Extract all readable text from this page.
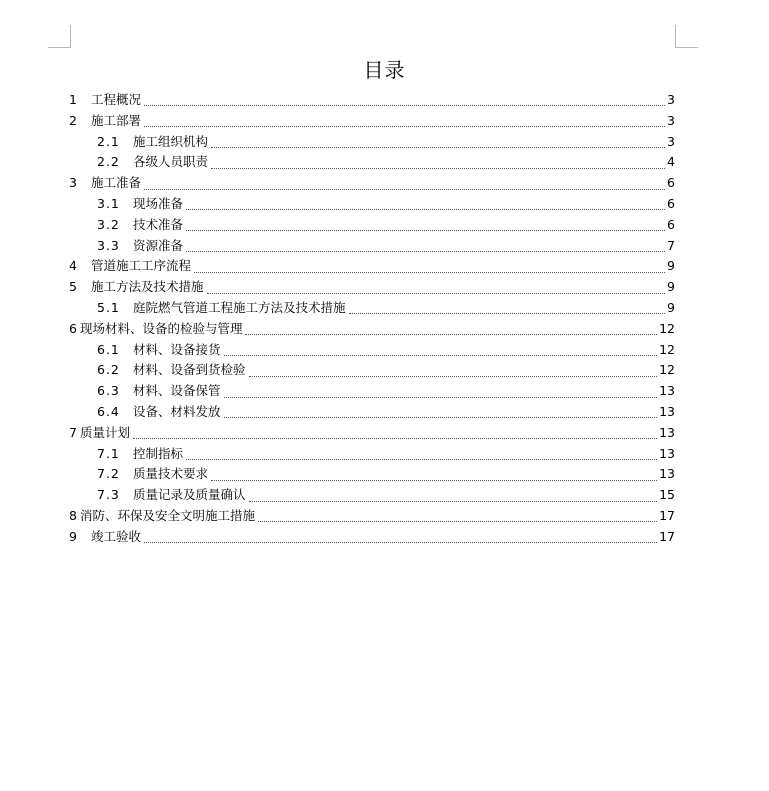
目录
1	工程概况	3
2	施工部署	3
2.1	施工组织机构	3
2.2	各级人员职责	4
3	施工准备	6
3.1	现场准备	6
3.2	技术准备	6
3.3	资源准备	7
4	管道施工工序流程	9
5	施工方法及技术措施	9
5.1	庭院燃气管道工程施工方法及技术措施	9
6 现场材料、设备的检验与管理	12
6.1	材料、设备接货	12
6.2	材料、设备到货检验	12
6.3	材料、设备保管	13
6.4	设备、材料发放	13
7 质量计划	13
7.1	控制指标	13
7.2	质量技术要求	13
7.3	质量记录及质量确认	15
8 消防、环保及安全文明施工措施	17
9	竣工验收	17
